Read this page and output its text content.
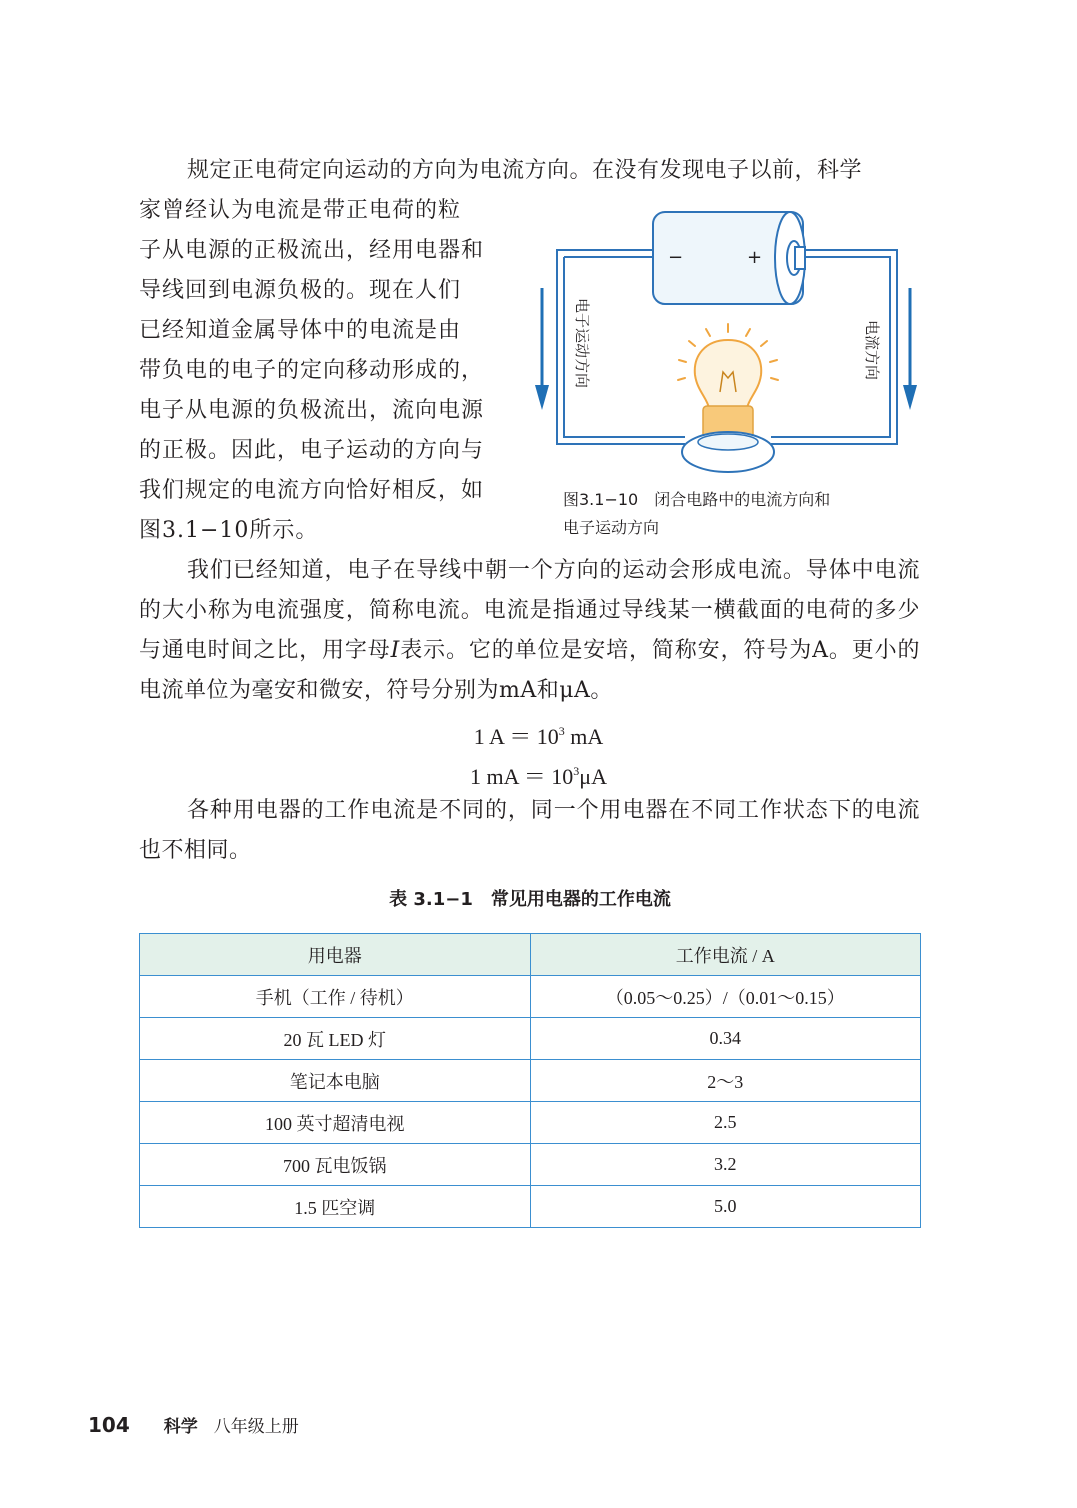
规定正电荷定向运动的方向为电流方向。在没有发现电子以前，科学
家曾经认为电流是带正电荷的粒
子从电源的正极流出，经用电器和
导线回到电源负极的。现在人们
已经知道金属导体中的电流是由
带负电的电子的定向移动形成的，
电子从电源的负极流出，流向电源
的正极。因此，电子运动的方向与
我们规定的电流方向恰好相反，如
图3.1−10所示。
−	+
电子运动方向	电流方向
图3.1−10　闭合电路中的电流方向和
电子运动方向

我们已经知道，电子在导线中朝一个方向的运动会形成电流。导体中电流的大小称为电流强度，简称电流。电流是指通过导线某一横截面的电荷的多少与通电时间之比，用字母I表示。它的单位是安培，简称安，符号为A。更小的电流单位为毫安和微安，符号分别为mA和μA。

1 $A = 10^3$ mA
1 mA ＝ $10^3\mu A$

各种用电器的工作电流是不同的，同一个用电器在不同工作状态下的电流也不相同。

表 3.1−1　常见用电器的工作电流
用电器	工作电流 / A
手机（工作 / 待机）	（0.05～0.25）/（0.01～0.15）
20 瓦 LED 灯	0.34
笔记本电脑	2～3
100 英寸超清电视	2.5
700 瓦电饭锅	3.2
1.5 匹空调	5.0
104 科学 八年级上册
